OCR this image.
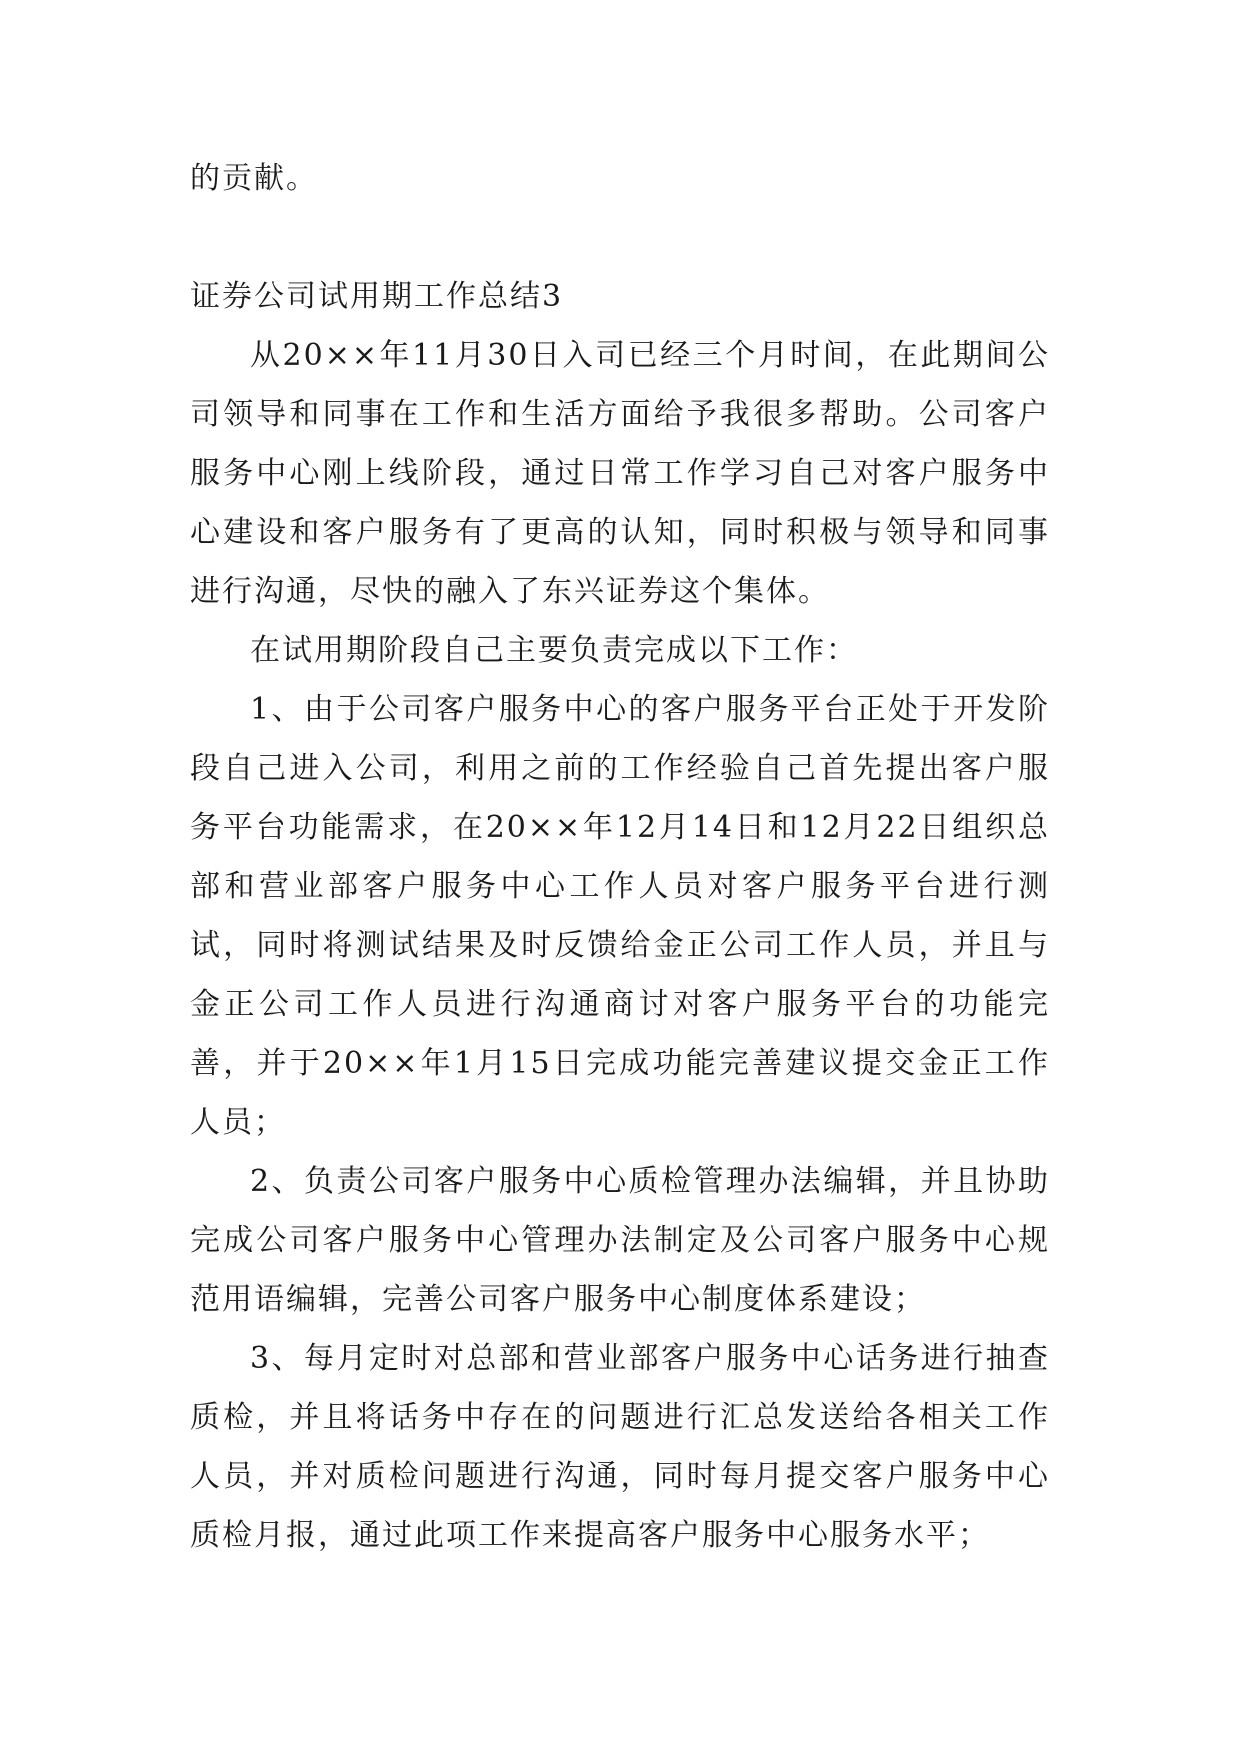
的贡献。

证券公司试用期工作总结3

从20××年11月30日入司已经三个月时间，在此期间公司领导和同事在工作和生活方面给予我很多帮助。公司客户服务中心刚上线阶段，通过日常工作学习自己对客户服务中心建设和客户服务有了更高的认知，同时积极与领导和同事进行沟通，尽快的融入了东兴证券这个集体。

在试用期阶段自己主要负责完成以下工作：

1、由于公司客户服务中心的客户服务平台正处于开发阶段自己进入公司，利用之前的工作经验自己首先提出客户服务平台功能需求，在20××年12月14日和12月22日组织总部和营业部客户服务中心工作人员对客户服务平台进行测试，同时将测试结果及时反馈给金正公司工作人员，并且与金正公司工作人员进行沟通商讨对客户服务平台的功能完善，并于20××年1月15日完成功能完善建议提交金正工作人员；

2、负责公司客户服务中心质检管理办法编辑，并且协助完成公司客户服务中心管理办法制定及公司客户服务中心规范用语编辑，完善公司客户服务中心制度体系建设；

3、每月定时对总部和营业部客户服务中心话务进行抽查质检，并且将话务中存在的问题进行汇总发送给各相关工作人员，并对质检问题进行沟通，同时每月提交客户服务中心质检月报，通过此项工作来提高客户服务中心服务水平；
